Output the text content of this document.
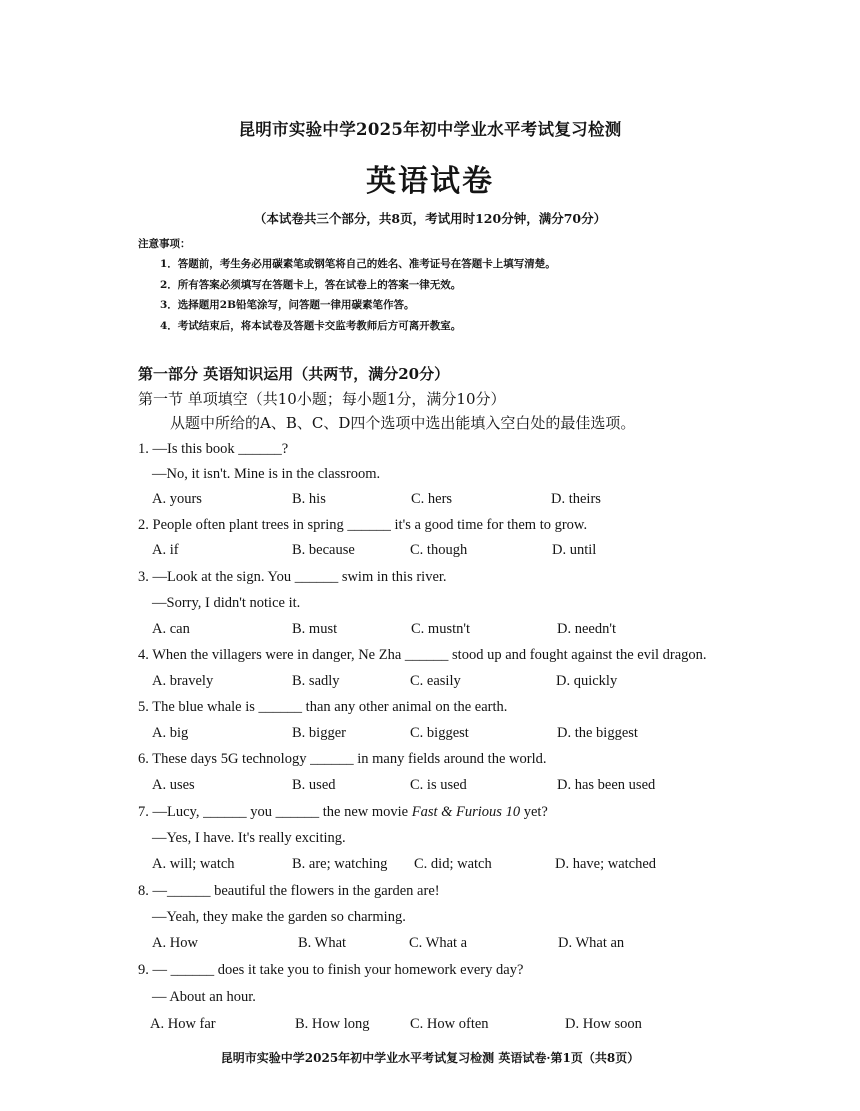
昆明市实验中学2025年初中学业水平考试复习检测
英语试卷
（本试卷共三个部分，共8页，考试用时120分钟，满分70分）
注意事项：
1．答题前，考生务必用碳素笔或钢笔将自己的姓名、准考证号在答题卡上填写清楚。
2．所有答案必须填写在答题卡上，答在试卷上的答案一律无效。
3．选择题用2B铅笔涂写，问答题一律用碳素笔作答。
4．考试结束后，将本试卷及答题卡交监考教师后方可离开教室。
第一部分 英语知识运用（共两节，满分20分）
第一节 单项填空（共10小题；每小题1分，满分10分）
从题中所给的A、B、C、D四个选项中选出能填入空白处的最佳选项。
1. —Is this book ______?
—No, it isn't. Mine is in the classroom.
A. yours	B. his	C. hers	D. theirs
2. People often plant trees in spring ______ it's a good time for them to grow.
A. if	B. because	C. though	D. until
3. —Look at the sign. You ______ swim in this river.
—Sorry, I didn't notice it.
A. can	B. must	C. mustn't	D. needn't
4. When the villagers were in danger, Ne Zha ______ stood up and fought against the evil dragon.
A. bravely	B. sadly	C. easily	D. quickly
5. The blue whale is ______ than any other animal on the earth.
A. big	B. bigger	C. biggest	D. the biggest
6. These days 5G technology ______ in many fields around the world.
A. uses	B. used	C. is used	D. has been used
7. —Lucy, ______ you ______ the new movie Fast & Furious 10 yet?
—Yes, I have. It's really exciting.
A. will; watch	B. are; watching C. did; watch	D. have; watched
8. —______ beautiful the flowers in the garden are!
—Yeah, they make the garden so charming.
A. How	B. What	C. What a	D. What an
9. — ______ does it take you to finish your homework every day?
— About an hour.
A. How far	B. How long	C. How often	D. How soon
昆明市实验中学2025年初中学业水平考试复习检测 英语试卷·第1页（共8页）
